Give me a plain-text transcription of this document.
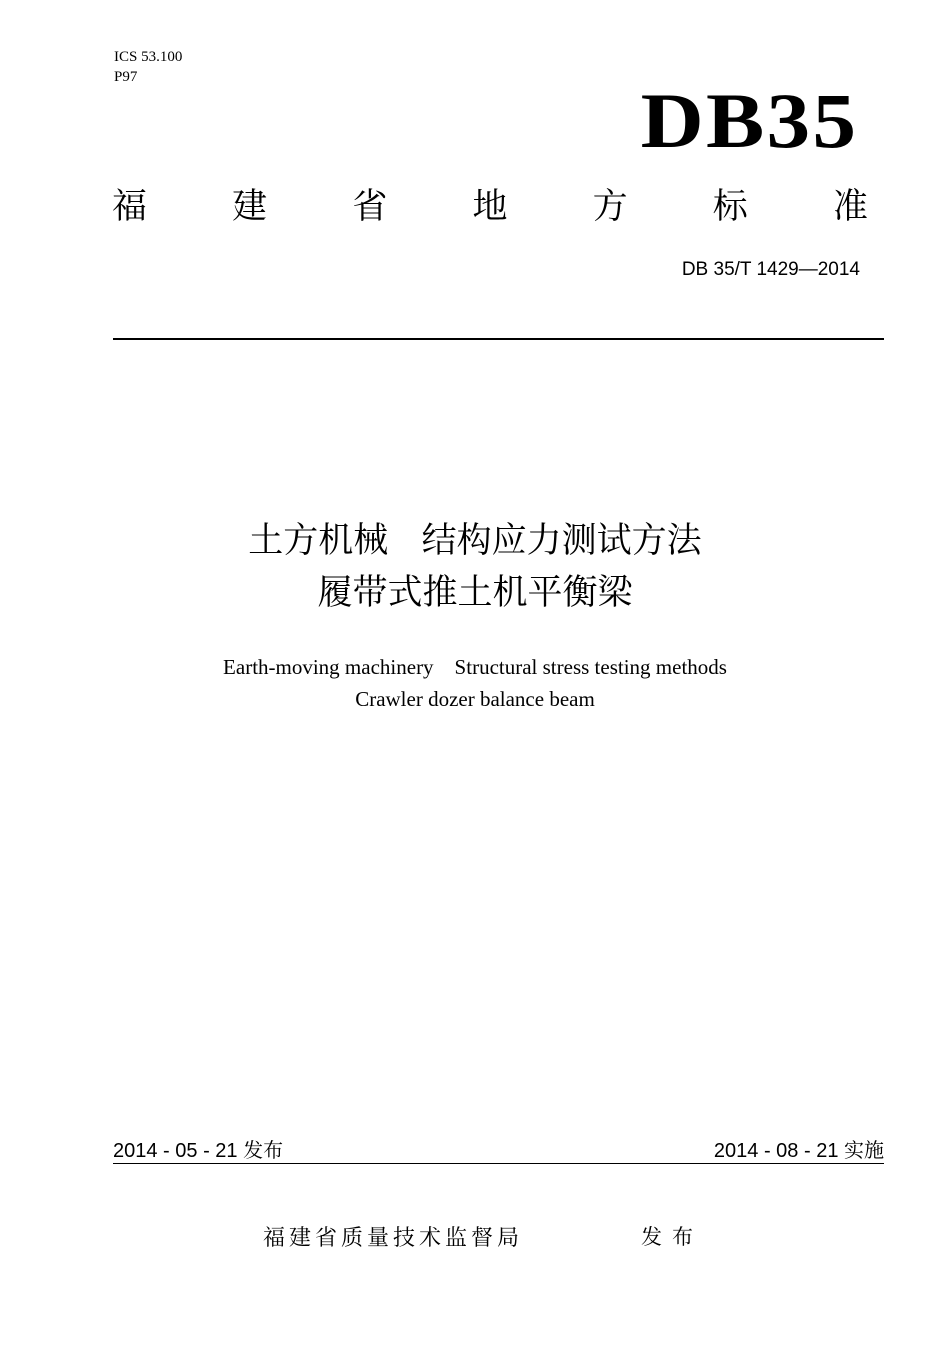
ICS 53.100
P97	DB35
福 建 省 地 方 标 准
DB 35/T 1429—2014
土方机械   结构应力测试方法
履带式推土机平衡梁
Earth-moving machinery    Structural stress testing methods
Crawler dozer balance beam
2014 - 05 - 21 发布	2014 - 08 - 21 实施
福建省质量技术监督局	发布
